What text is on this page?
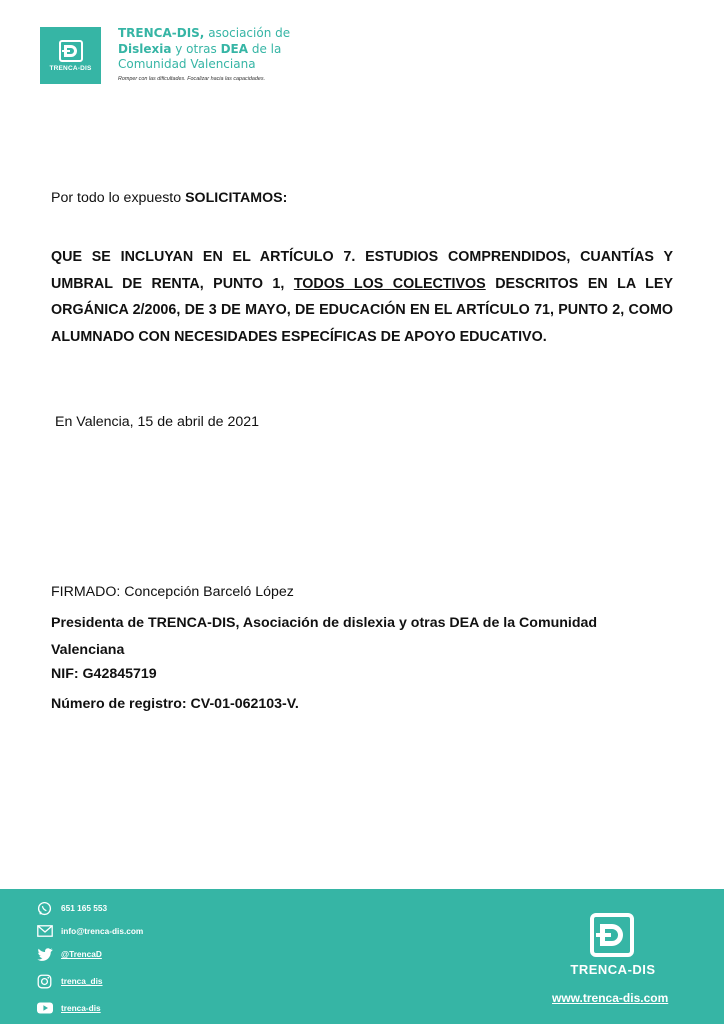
TRENCA-DIS
TRENCA-DIS, asociación de
Dislexia y otras DEA de la
Comunidad Valenciana
Romper con las dificultades. Focalizar hacia las capacidades.
Por todo lo expuesto SOLICITAMOS:
QUE SE INCLUYAN EN EL ARTÍCULO 7. ESTUDIOS COMPRENDIDOS, CUANTÍAS Y UMBRAL DE RENTA, PUNTO 1, TODOS LOS COLECTIVOS DESCRITOS EN LA LEY ORGÁNICA 2/2006, DE 3 DE MAYO, DE EDUCACIÓN EN EL ARTÍCULO 71, PUNTO 2, COMO ALUMNADO CON NECESIDADES ESPECÍFICAS DE APOYO EDUCATIVO.
En Valencia, 15 de abril de 2021
FIRMADO: Concepción Barceló López
Presidenta de TRENCA-DIS, Asociación de dislexia y otras DEA de la Comunidad Valenciana
NIF: G42845719
Número de registro: CV-01-062103-V.
651 165 553
info@trenca-dis.com
@TrencaD
trenca_dis
trenca-dis
TRENCA-DIS
www.trenca-dis.com
